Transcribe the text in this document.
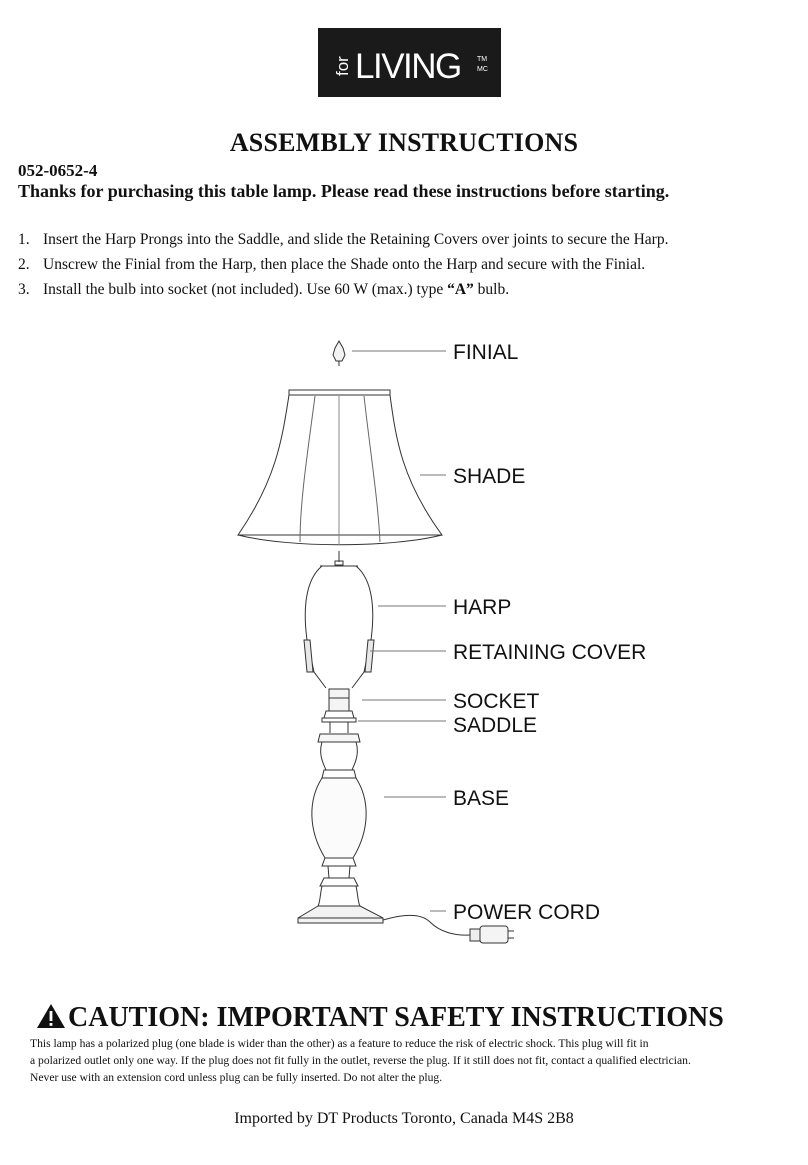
for LIVING TM
MC
ASSEMBLY INSTRUCTIONS
052-0652-4
Thanks for purchasing this table lamp. Please read these instructions before starting.
1. Insert the Harp Prongs into the Saddle, and slide the Retaining Covers over joints to secure the Harp.
2. Unscrew the Finial from the Harp, then place the Shade onto the Harp and secure with the Finial.
3. Install the bulb into socket (not included). Use 60 W (max.) type “A” bulb.
FINIAL
SHADE
HARP
RETAINING COVER
SOCKET
SADDLE
BASE
POWER CORD
CAUTION: IMPORTANT SAFETY INSTRUCTIONS

This lamp has a polarized plug (one blade is wider than the other) as a feature to reduce the risk of electric shock. This plug will fit in

a polarized outlet only one way. If the plug does not fit fully in the outlet, reverse the plug. If it still does not fit, contact a qualified electrician.

Never use with an extension cord unless plug can be fully inserted. Do not alter the plug.

Imported by DT Products Toronto, Canada M4S 2B8
